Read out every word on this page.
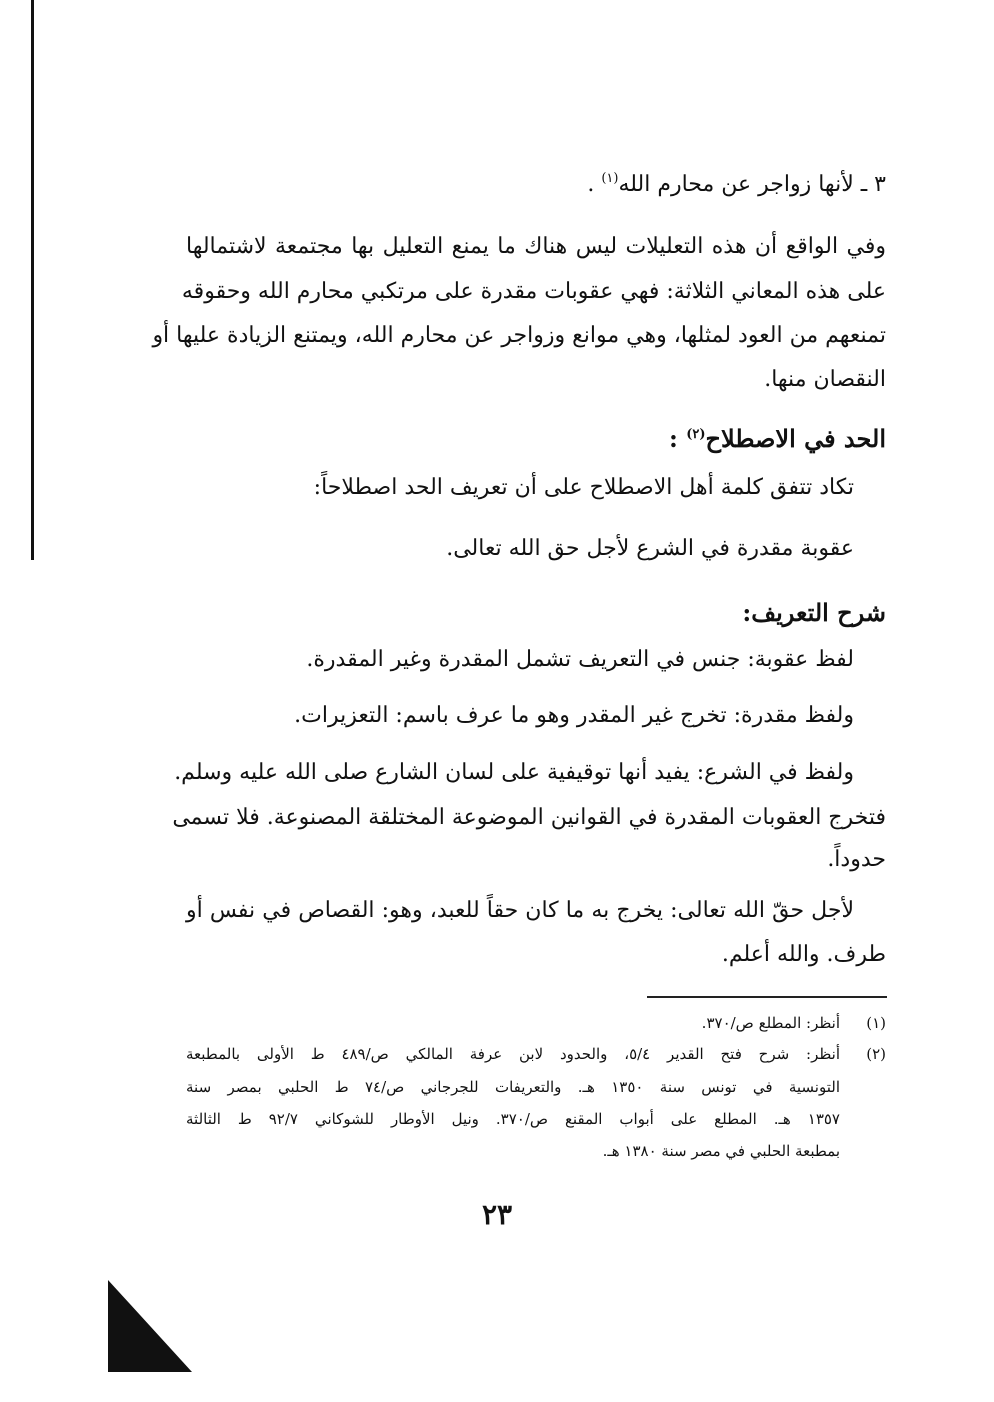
٣ ـ لأنها زواجر عن محارم الله$^{(١)}$ .
وفي الواقع أن هذه التعليلات ليس هناك ما يمنع التعليل بها مجتمعة لاشتمالها
على هذه المعاني الثلاثة: فهي عقوبات مقدرة على مرتكبي محارم الله وحقوقه
تمنعهم من العود لمثلها، وهي موانع وزواجر عن محارم الله، ويمتنع الزيادة عليها أو
النقصان منها.
الحد في الاصطلاح$^{(٢)}$ :
تكاد تتفق كلمة أهل الاصطلاح على أن تعريف الحد اصطلاحاً:
عقوبة مقدرة في الشرع لأجل حق الله تعالى.
شرح التعريف:
لفظ عقوبة: جنس في التعريف تشمل المقدرة وغير المقدرة.
ولفظ مقدرة: تخرج غير المقدر وهو ما عرف باسم: التعزيرات.
ولفظ في الشرع: يفيد أنها توقيفية على لسان الشارع صلى الله عليه وسلم.
فتخرج العقوبات المقدرة في القوانين الموضوعة المختلقة المصنوعة. فلا تسمى
حدوداً.
لأجل حقّ الله تعالى: يخرج به ما كان حقاً للعبد، وهو: القصاص في نفس أو
طرف. والله أعلم.
(١)
أنظر: المطلع ص/٣٧٠.
(٢)
أنظر: شرح فتح القدير ٥/٤، والحدود لابن عرفة المالكي ص/٤٨٩ ط الأولى بالمطبعة
التونسية في تونس سنة ١٣٥٠ هـ. والتعريفات للجرجاني ص/٧٤ ط الحلبي بمصر سنة
١٣٥٧ هـ. المطلع على أبواب المقنع ص/٣٧٠. ونيل الأوطار للشوكاني ٩٢/٧ ط الثالثة
بمطبعة الحلبي في مصر سنة ١٣٨٠ هـ.
٢٣
